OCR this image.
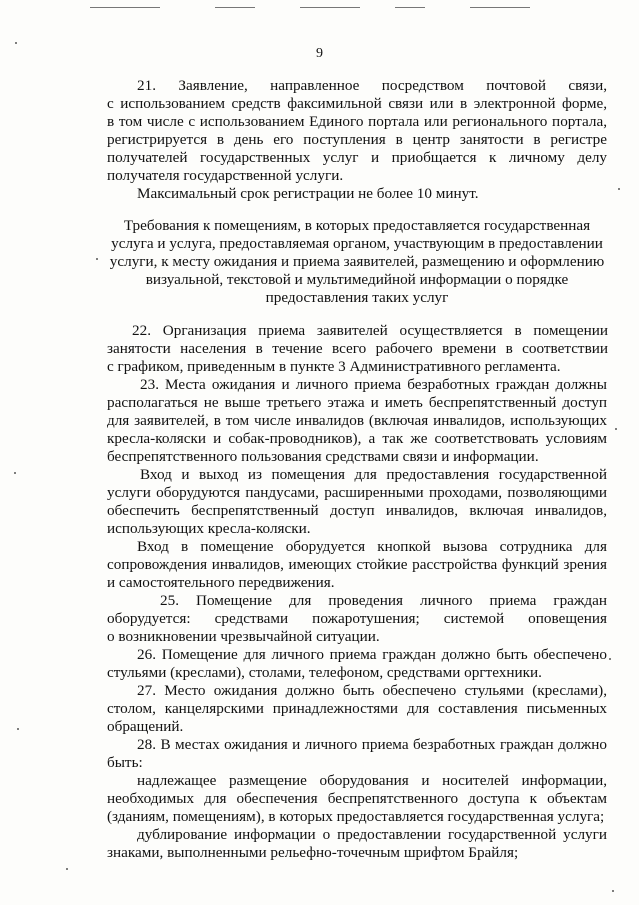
9
21. Заявление, направленное посредством почтовой связи,
с использованием средств факсимильной связи или в электронной форме,
в том числе с использованием Единого портала или регионального портала,
регистрируется в день его поступления в центр занятости в регистре
получателей государственных услуг и приобщается к личному делу
получателя государственной услуги.
Максимальный срок регистрации не более 10 минут.
Требования к помещениям, в которых предоставляется государственная
услуга и услуга, предоставляемая органом, участвующим в предоставлении
услуги, к месту ожидания и приема заявителей, размещению и оформлению
визуальной, текстовой и мультимедийной информации о порядке
предоставления таких услуг
22. Организация приема заявителей осуществляется в помещении
занятости населения в течение всего рабочего времени в соответствии
с графиком, приведенным в пункте 3 Административного регламента.
23. Места ожидания и личного приема безработных граждан должны
располагаться не выше третьего этажа и иметь беспрепятственный доступ
для заявителей, в том числе инвалидов (включая инвалидов, использующих
кресла-коляски и собак-проводников), а так же соответствовать условиям
беспрепятственного пользования средствами связи и информации.
Вход и выход из помещения для предоставления государственной
услуги оборудуются пандусами, расширенными проходами, позволяющими
обеспечить беспрепятственный доступ инвалидов, включая инвалидов,
использующих кресла-коляски.
Вход в помещение оборудуется кнопкой вызова сотрудника для
сопровождения инвалидов, имеющих стойкие расстройства функций зрения
и самостоятельного передвижения.
25. Помещение для проведения личного приема граждан
оборудуется: средствами пожаротушения; системой оповещения
о возникновении чрезвычайной ситуации.
26. Помещение для личного приема граждан должно быть обеспечено
стульями (креслами), столами, телефоном, средствами оргтехники.
27. Место ожидания должно быть обеспечено стульями (креслами),
столом, канцелярскими принадлежностями для составления письменных
обращений.
28. В местах ожидания и личного приема безработных граждан должно
быть:
надлежащее размещение оборудования и носителей информации,
необходимых для обеспечения беспрепятственного доступа к объектам
(зданиям, помещениям), в которых предоставляется государственная услуга;
дублирование информации о предоставлении государственной услуги
знаками, выполненными рельефно-точечным шрифтом Брайля;
